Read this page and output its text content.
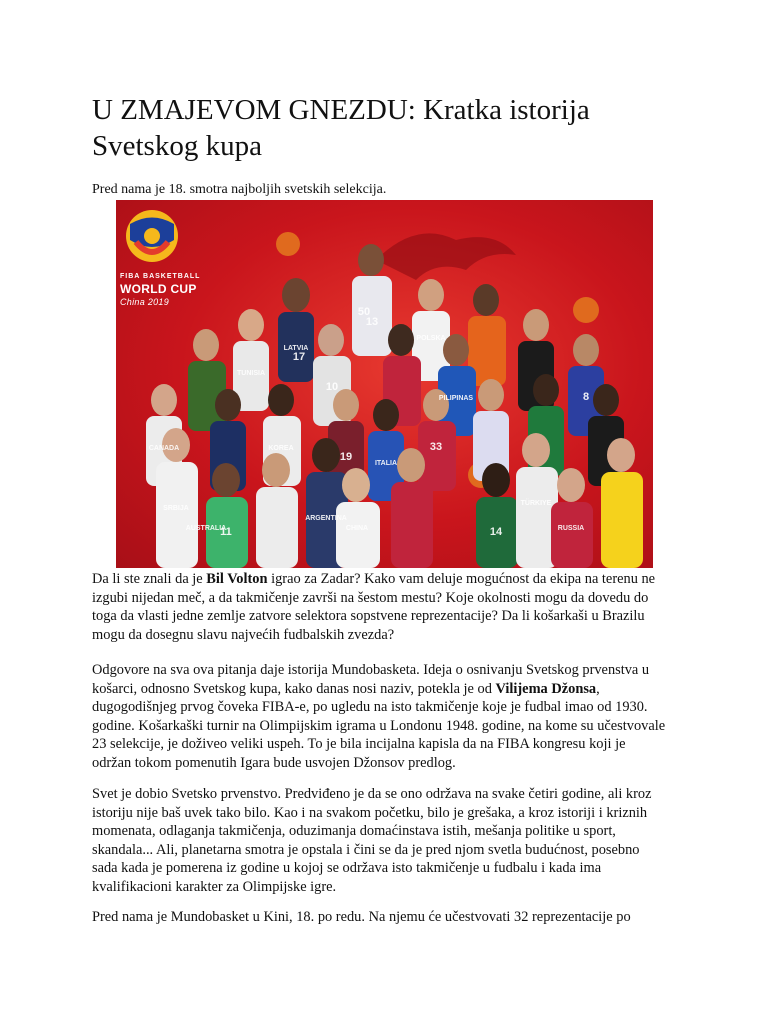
U ZMAJEVOM GNEZDU: Kratka istorija Svetskog kupa

Pred nama je 18. smotra najboljih svetskih selekcija.

13
POLSKA
TUNISIA
LATVIA
50
17
PILIPINAS
33
8
10
CANADA	KOREA
19
ITALIA
AUSTRALIA
SRBIJA
CHINA
ARGENTINA
TÜRKIYE
RUSSIA
11	14
FIBA BASKETBALL
WORLD CUP
China 2019

Da li ste znali da je Bil Volton igrao za Zadar? Kako vam deluje mogućnost da ekipa na terenu ne izgubi nijedan meč, a da takmičenje završi na šestom mestu? Koje okolnosti mogu da dovedu do toga da vlasti jedne zemlje zatvore selektora sopstvene reprezentacije? Da li košarkaši u Brazilu mogu da dosegnu slavu najvećih fudbalskih zvezda?

Odgovore na sva ova pitanja daje istorija Mundobasketa. Ideja o osnivanju Svetskog prvenstva u košarci, odnosno Svetskog kupa, kako danas nosi naziv, potekla je od Vilijema Džonsa, dugogodišnjeg prvog čoveka FIBA-e, po ugledu na isto takmičenje koje je fudbal imao od 1930. godine. Košarkaški turnir na Olimpijskim igrama u Londonu 1948. godine, na kome su učestvovale 23 selekcije, je doživeo veliki uspeh. To je bila incijalna kapisla da na FIBA kongresu koji je održan tokom pomenutih Igara bude usvojen Džonsov predlog.

Svet je dobio Svetsko prvenstvo. Predviđeno je da se ono održava na svake četiri godine, ali kroz istoriju nije baš uvek tako bilo. Kao i na svakom početku, bilo je grešaka, a kroz istoriji i kriznih momenata, odlaganja takmičenja, oduzimanja domaćinstava istih, mešanja politike u sport, skandala... Ali, planetarna smotra je opstala i čini se da je pred njom svetla budućnost, posebno sada kada je pomerena iz godine u kojoj se održava isto takmičenje u fudbalu i kada ima kvalifikacioni karakter za Olimpijske igre.

Pred nama je Mundobasket u Kini, 18. po redu. Na njemu će učestvovati 32 reprezentacije po
